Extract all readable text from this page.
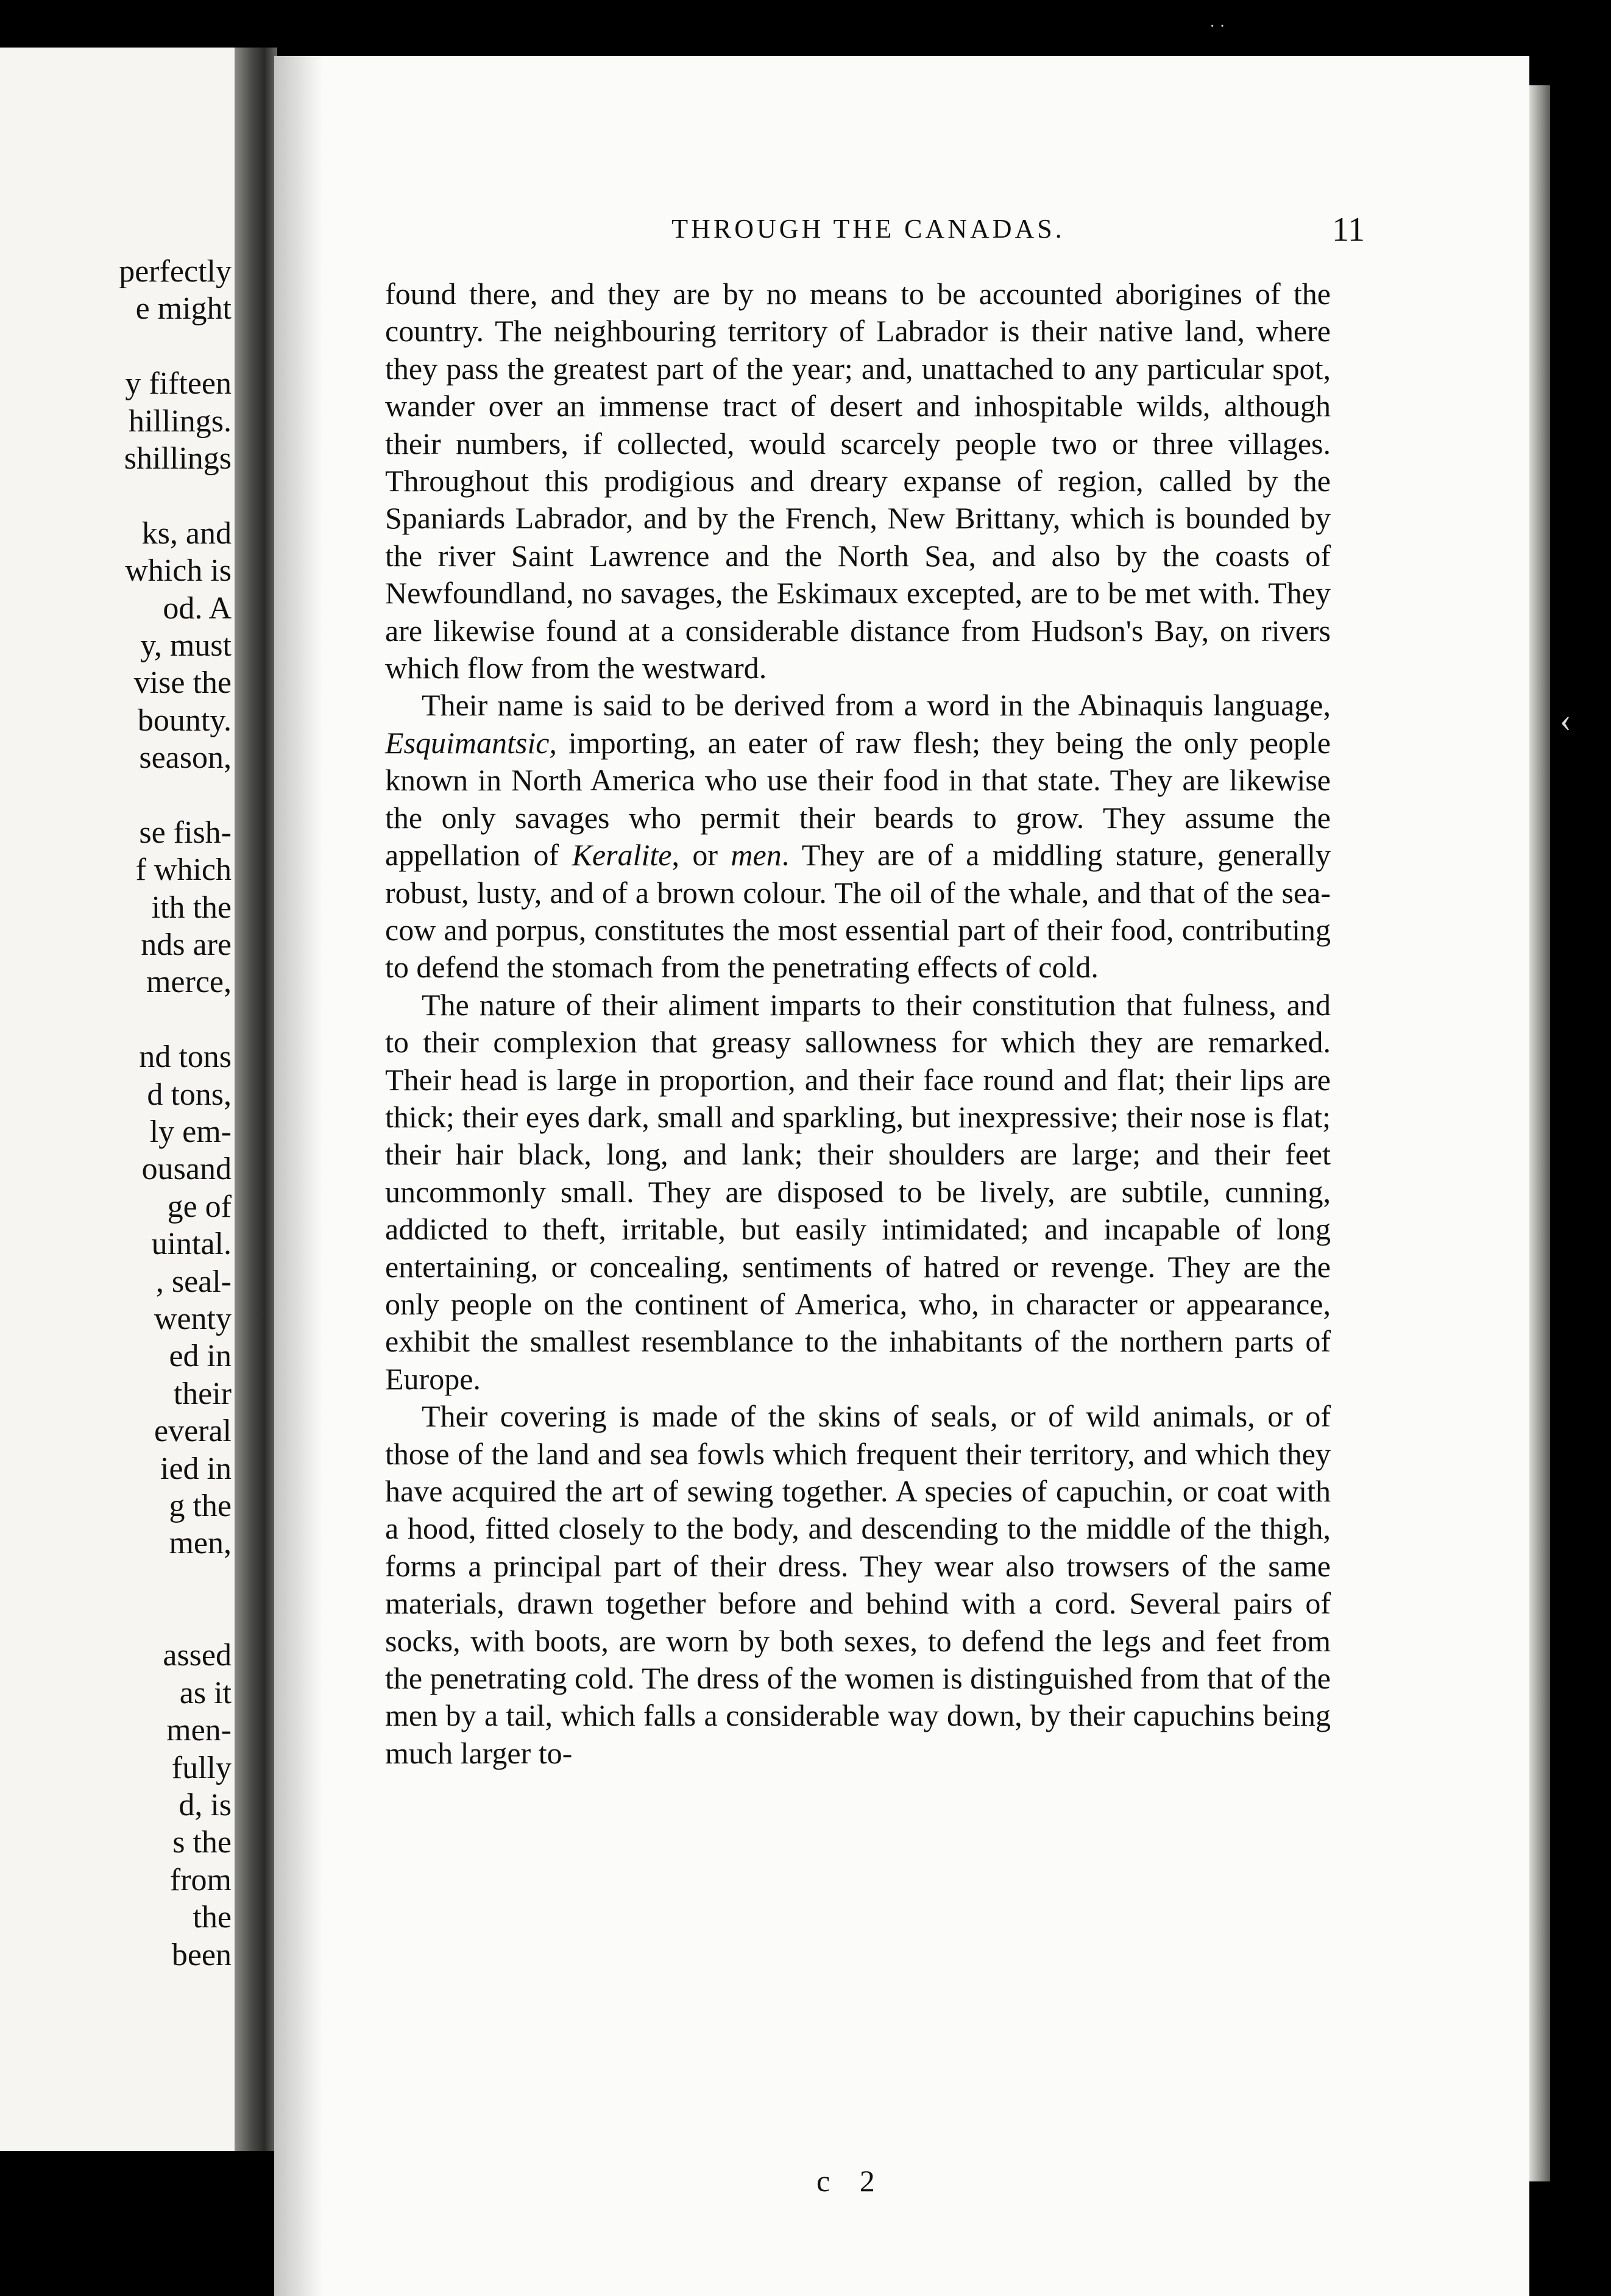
perfectly
e might
y fifteen
hillings.
shillings
ks, and
which is
od. A
y, must
vise the
bounty.
season,
se fish-
f which
ith the
nds are
merce,
nd tons
d tons,
ly em-
ousand
ge of
uintal.
, seal-
wenty
ed in
their
everal
ied in
g the
men,
assed
as it
men-
fully
d, is
s the
from
the
been
· ·
‹
THROUGH THE CANADAS.	11

found there, and they are by no means to be accounted aborigines of the country. The neighbouring territory of Labrador is their native land, where they pass the greatest part of the year; and, unattached to any particular spot, wander over an immense tract of desert and inhospitable wilds, although their numbers, if collected, would scarcely people two or three villages. Throughout this prodigious and dreary expanse of region, called by the Spaniards Labrador, and by the French, New Brittany, which is bounded by the river Saint Lawrence and the North Sea, and also by the coasts of Newfoundland, no savages, the Eskimaux excepted, are to be met with. They are likewise found at a considerable distance from Hudson's Bay, on rivers which flow from the westward.

Their name is said to be derived from a word in the Abinaquis language, Esquimantsic, importing, an eater of raw flesh; they being the only people known in North America who use their food in that state. They are likewise the only savages who permit their beards to grow. They assume the appellation of Keralite, or men. They are of a middling stature, generally robust, lusty, and of a brown colour. The oil of the whale, and that of the sea-cow and porpus, constitutes the most essential part of their food, contributing to defend the stomach from the penetrating effects of cold.

The nature of their aliment imparts to their constitution that fulness, and to their complexion that greasy sallowness for which they are remarked. Their head is large in proportion, and their face round and flat; their lips are thick; their eyes dark, small and sparkling, but inexpressive; their nose is flat; their hair black, long, and lank; their shoulders are large; and their feet uncommonly small. They are disposed to be lively, are subtile, cunning, addicted to theft, irritable, but easily intimidated; and incapable of long entertaining, or concealing, sentiments of hatred or revenge. They are the only people on the continent of America, who, in character or appearance, exhibit the smallest resemblance to the inhabitants of the northern parts of Europe.

Their covering is made of the skins of seals, or of wild animals, or of those of the land and sea fowls which frequent their territory, and which they have acquired the art of sewing together. A species of capuchin, or coat with a hood, fitted closely to the body, and descending to the middle of the thigh, forms a principal part of their dress. They wear also trowsers of the same materials, drawn together before and behind with a cord. Several pairs of socks, with boots, are worn by both sexes, to defend the legs and feet from the penetrating cold. The dress of the women is distinguished from that of the men by a tail, which falls a considerable way down, by their capuchins being much larger to-

c 2
